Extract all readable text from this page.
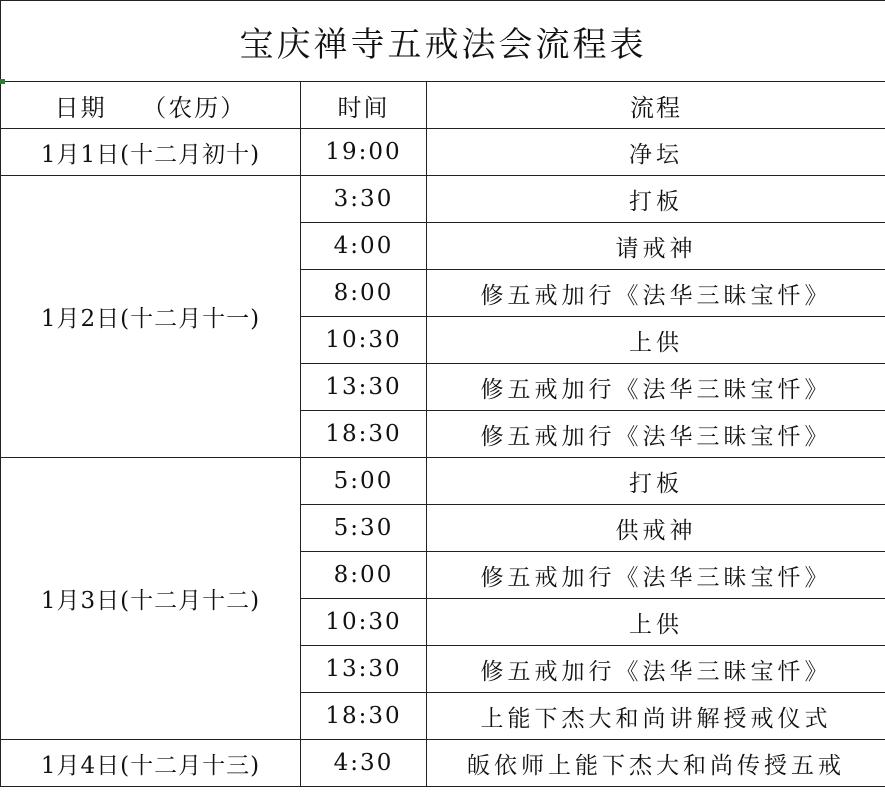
宝庆禅寺五戒法会流程表		
日期　 （农历）	时间	流程
1月1日(十二月初十)	19:00	净坛
1月2日(十二月十一)	3:30	打板
	4:00	请戒神
	8:00	修五戒加行《法华三昧宝忏》
	10:30	上供
	13:30	修五戒加行《法华三昧宝忏》
	18:30	修五戒加行《法华三昧宝忏》
1月3日(十二月十二)	5:00	打板
	5:30	供戒神
	8:00	修五戒加行《法华三昧宝忏》
	10:30	上供
	13:30	修五戒加行《法华三昧宝忏》
	18:30	上能下杰大和尚讲解授戒仪式
1月4日(十二月十三)	4:30	皈依师上能下杰大和尚传授五戒
